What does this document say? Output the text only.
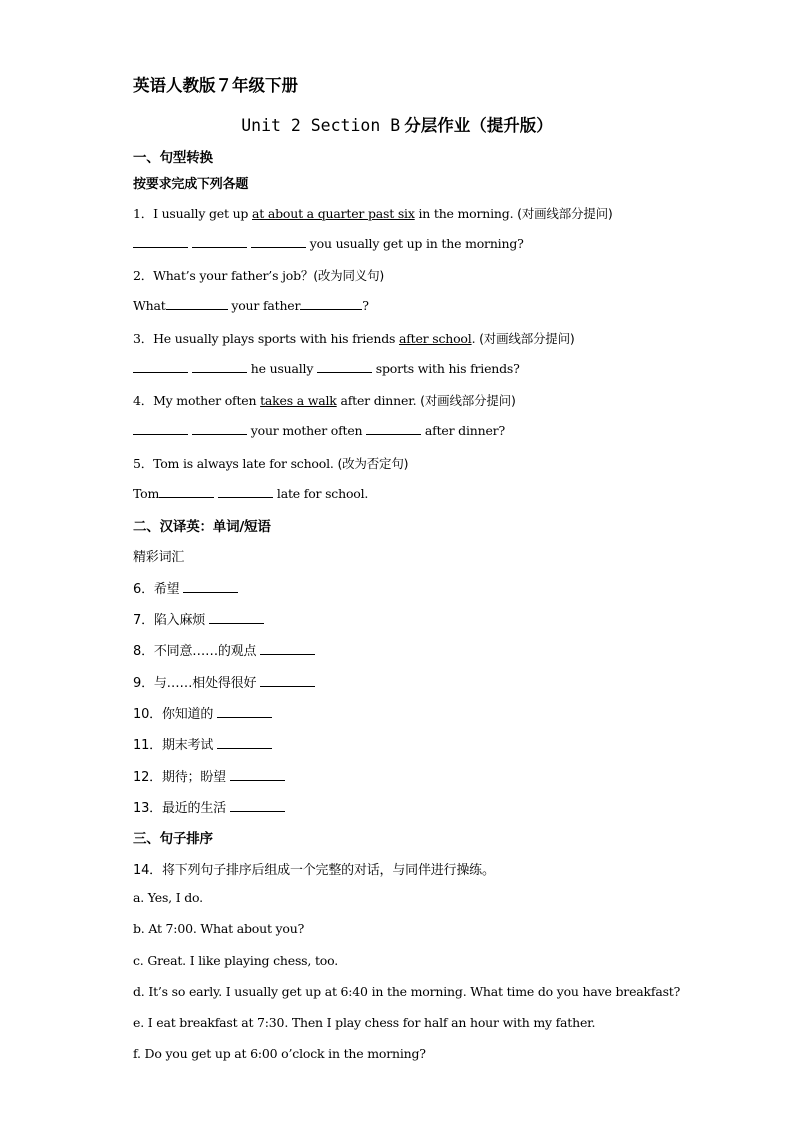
英语人教版７年级下册
Unit 2 Section B 分层作业（提升版）
一、句型转换
按要求完成下列各题
1．I usually get up at about a quarter past six in the morning. (对画线部分提问)
you usually get up in the morning?
2．What’s your father’s job？(改为同义句)
What	your father	?
3．He usually plays sports with his friends after school. (对画线部分提问)
he usually	sports with his friends?
4．My mother often takes a walk after dinner. (对画线部分提问)
your mother often	after dinner?
5．Tom is always late for school. (改为否定句)
Tom	late for school.
二、汉译英：单词/短语
精彩词汇
6．希望
7．陷入麻烦
8．不同意……的观点
9．与……相处得很好
10．你知道的
11．期末考试
12．期待；盼望
13．最近的生活
三、句子排序
14．将下列句子排序后组成一个完整的对话，与同伴进行操练。
a. Yes, I do.
b. At 7:00. What about you?
c. Great. I like playing chess, too.
d. It’s so early. I usually get up at 6:40 in the morning. What time do you have breakfast?
e. I eat breakfast at 7:30. Then I play chess for half an hour with my father.
f. Do you get up at 6:00 o’clock in the morning?
